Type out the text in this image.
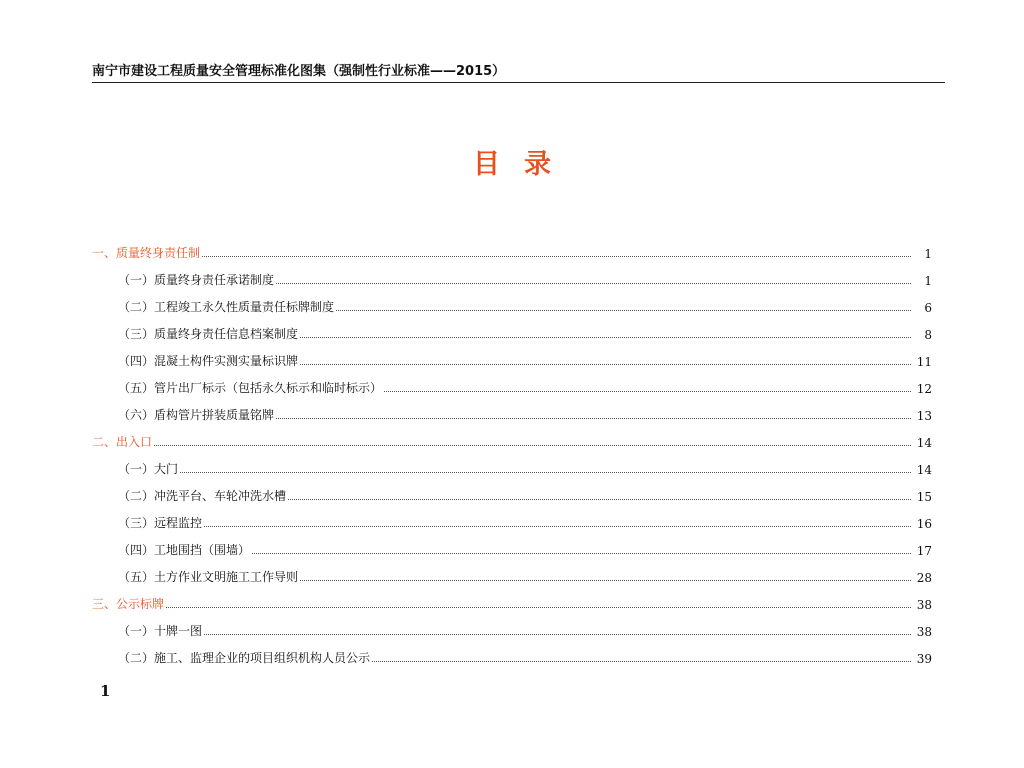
南宁市建设工程质量安全管理标准化图集（强制性行业标准——2015）
目录
一、质量终身责任制	1
（一）质量终身责任承诺制度	1
（二）工程竣工永久性质量责任标牌制度	6
（三）质量终身责任信息档案制度	8
（四）混凝土构件实测实量标识牌	11
（五）管片出厂标示（包括永久标示和临时标示）	12
（六）盾构管片拼装质量铭牌	13
二、出入口	14
（一）大门	14
（二）冲洗平台、车轮冲洗水槽	15
（三）远程监控	16
（四）工地围挡（围墙）	17
（五）土方作业文明施工工作导则	28
三、公示标牌	38
（一）十牌一图	38
（二）施工、监理企业的项目组织机构人员公示	39
1
